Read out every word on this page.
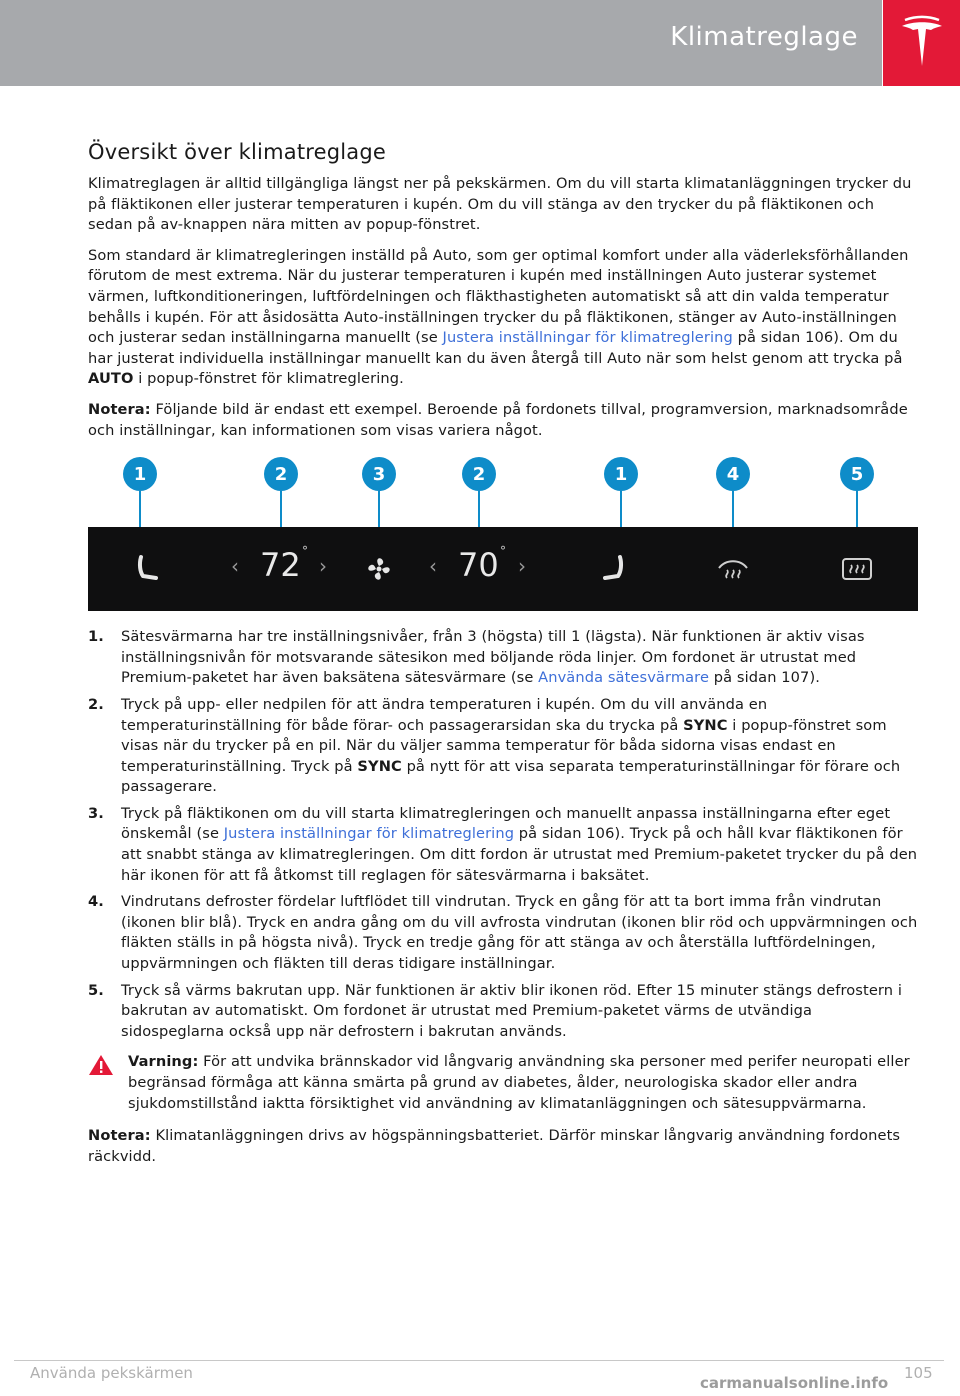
Klimatreglage
Översikt över klimatreglage

Klimatreglagen är alltid tillgängliga längst ner på pekskärmen. Om du vill starta klimatanläggningen trycker du på fläktikonen eller justerar temperaturen i kupén. Om du vill stänga av den trycker du på fläktikonen och sedan på av-knappen nära mitten av popup-fönstret.

Som standard är klimatregleringen inställd på Auto, som ger optimal komfort under alla väderleksförhållanden förutom de mest extrema. När du justerar temperaturen i kupén med inställningen Auto justerar systemet värmen, luftkonditioneringen, luftfördelningen och fläkthastigheten automatiskt så att din valda temperatur behålls i kupén. För att åsidosätta Auto-inställningen trycker du på fläktikonen, stänger av Auto-inställningen och justerar sedan inställningarna manuellt (se Justera inställningar för klimatreglering på sidan 106). Om du har justerat individuella inställningar manuellt kan du även återgå till Auto när som helst genom att trycka på AUTO i popup-fönstret för klimatreglering.

Notera: Följande bild är endast ett exempel. Beroende på fordonets tillval, programversion, marknadsområde och inställningar, kan informationen som visas variera något.

1	2	3	2	1	4	5
‹ 72 °
›	‹ 70 °
›
1. Sätesvärmarna har tre inställningsnivåer, från 3 (högsta) till 1 (lägsta). När funktionen är aktiv visas inställningsnivån för motsvarande sätesikon med böljande röda linjer. Om fordonet är utrustat med Premium-paketet har även baksätena sätesvärmare (se Använda sätesvärmare på sidan 107).
2. Tryck på upp- eller nedpilen för att ändra temperaturen i kupén. Om du vill använda en temperaturinställning för både förar- och passagerarsidan ska du trycka på SYNC i popup-fönstret som visas när du trycker på en pil. När du väljer samma temperatur för båda sidorna visas endast en temperaturinställning. Tryck på SYNC på nytt för att visa separata temperaturinställningar för förare och passagerare.
3. Tryck på fläktikonen om du vill starta klimatregleringen och manuellt anpassa inställningarna efter eget önskemål (se Justera inställningar för klimatreglering på sidan 106). Tryck på och håll kvar fläktikonen för att snabbt stänga av klimatregleringen. Om ditt fordon är utrustat med Premium-paketet trycker du på den här ikonen för att få åtkomst till reglagen för sätesvärmarna i baksätet.
4. Vindrutans defroster fördelar luftflödet till vindrutan. Tryck en gång för att ta bort imma från vindrutan (ikonen blir blå). Tryck en andra gång om du vill avfrosta vindrutan (ikonen blir röd och uppvärmningen och fläkten ställs in på högsta nivå). Tryck en tredje gång för att stänga av och återställa luftfördelningen, uppvärmningen och fläkten till deras tidigare inställningar.
5. Tryck så värms bakrutan upp. När funktionen är aktiv blir ikonen röd. Efter 15 minuter stängs defrostern i bakrutan av automatiskt. Om fordonet är utrustat med Premium-paketet värms de utvändiga sidospeglarna också upp när defrostern i bakrutan används.
Varning: För att undvika brännskador vid långvarig användning ska personer med perifer neuropati eller begränsad förmåga att känna smärta på grund av diabetes, ålder, neurologiska skador eller andra sjukdomstillstånd iaktta försiktighet vid användning av klimatanläggningen och sätesuppvärmarna.

Notera: Klimatanläggningen drivs av högspänningsbatteriet. Därför minskar långvarig användning fordonets räckvidd.

Använda pekskärmen	105
carmanualsonline.info
